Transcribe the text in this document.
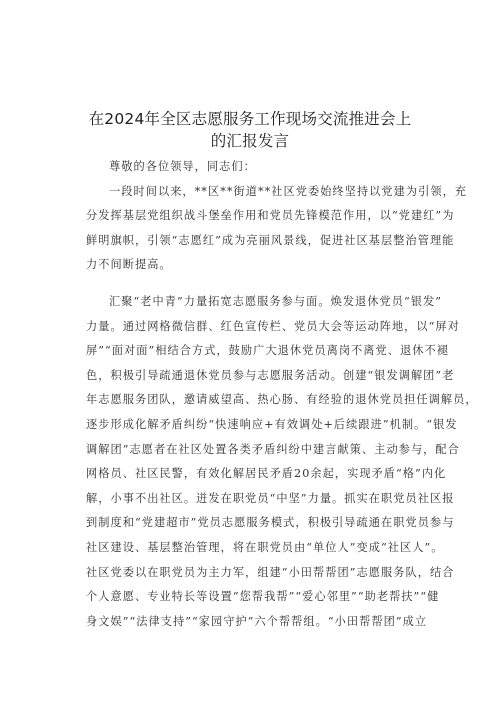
在2024年全区志愿服务工作现场交流推进会上
的汇报发言
尊敬的各位领导，同志们：
一段时间以来，**区**街道**社区党委始终坚持以党建为引领，充
分发挥基层党组织战斗堡垒作用和党员先锋模范作用，以“党建红”为
鲜明旗帜，引领“志愿红”成为亮丽风景线，促进社区基层整治管理能
力不间断提高。
汇聚“老中青”力量拓宽志愿服务参与面。焕发退休党员“银发”
力量。通过网格微信群、红色宣传栏、党员大会等运动阵地，以“屏对
屏”“面对面”相结合方式，鼓励广大退休党员离岗不离党、退休不褪
色，积极引导疏通退休党员参与志愿服务活动。创建“银发调解团”老
年志愿服务团队，邀请威望高、热心肠、有经验的退休党员担任调解员，
逐步形成化解矛盾纠纷“快速响应+有效调处+后续跟进”机制。“银发
调解团”志愿者在社区处置各类矛盾纠纷中建言献策、主动参与，配合
网格员、社区民警，有效化解居民矛盾20余起，实现矛盾“格”内化
解，小事不出社区。迸发在职党员“中坚”力量。抓实在职党员社区报
到制度和“党建超市”党员志愿服务模式，积极引导疏通在职党员参与
社区建设、基层整治管理，将在职党员由“单位人”变成“社区人”。
社区党委以在职党员为主力军，组建“小田帮帮团”志愿服务队，结合
个人意愿、专业特长等设置“您帮我帮”“爱心邻里”“助老帮扶”“健
身文娱”“法律支持”“家园守护”六个帮帮组。“小田帮帮团”成立
